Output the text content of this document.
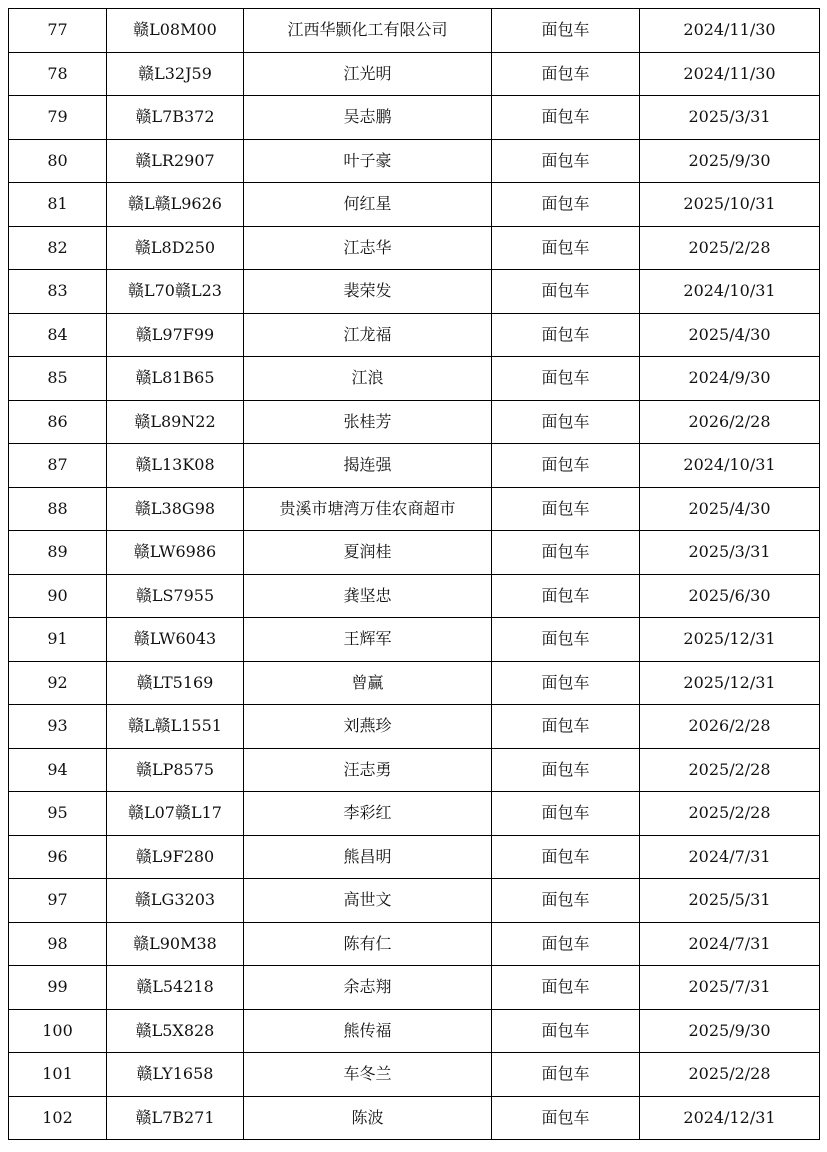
77	赣L08M00	江西华颢化工有限公司	面包车	2024/11/30
78	赣L32J59	江光明	面包车	2024/11/30
79	赣L7B372	吴志鹏	面包车	2025/3/31
80	赣LR2907	叶子豪	面包车	2025/9/30
81	赣L赣L9626	何红星	面包车	2025/10/31
82	赣L8D250	江志华	面包车	2025/2/28
83	赣L70赣L23	裴荣发	面包车	2024/10/31
84	赣L97F99	江龙福	面包车	2025/4/30
85	赣L81B65	江浪	面包车	2024/9/30
86	赣L89N22	张桂芳	面包车	2026/2/28
87	赣L13K08	揭连强	面包车	2024/10/31
88	赣L38G98	贵溪市塘湾万佳农商超市	面包车	2025/4/30
89	赣LW6986	夏润桂	面包车	2025/3/31
90	赣LS7955	龚坚忠	面包车	2025/6/30
91	赣LW6043	王辉军	面包车	2025/12/31
92	赣LT5169	曾赢	面包车	2025/12/31
93	赣L赣L1551	刘燕珍	面包车	2026/2/28
94	赣LP8575	汪志勇	面包车	2025/2/28
95	赣L07赣L17	李彩红	面包车	2025/2/28
96	赣L9F280	熊昌明	面包车	2024/7/31
97	赣LG3203	高世文	面包车	2025/5/31
98	赣L90M38	陈有仁	面包车	2024/7/31
99	赣L54218	余志翔	面包车	2025/7/31
100	赣L5X828	熊传福	面包车	2025/9/30
101	赣LY1658	车冬兰	面包车	2025/2/28
102	赣L7B271	陈波	面包车	2024/12/31
